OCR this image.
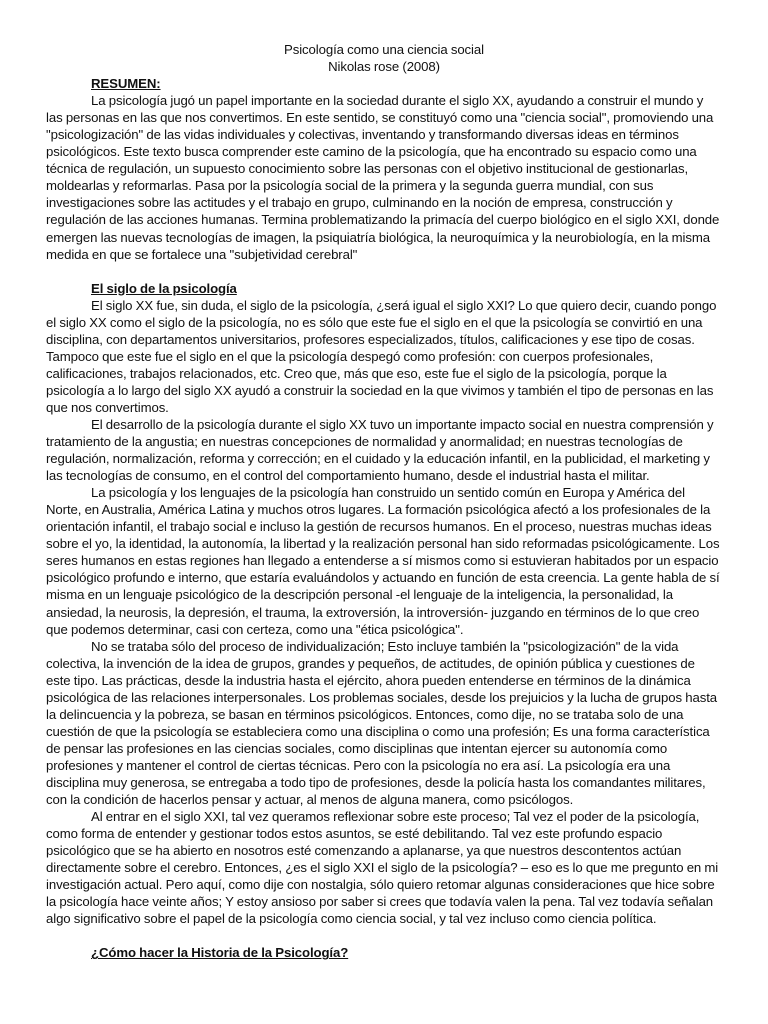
Psicología como una ciencia social
Nikolas rose (2008)
RESUMEN:

La psicología jugó un papel importante en la sociedad durante el siglo XX, ayudando a construir el mundo y las personas en las que nos convertimos. En este sentido, se constituyó como una "ciencia social", promoviendo una "psicologización" de las vidas individuales y colectivas, inventando y transformando diversas ideas en términos psicológicos. Este texto busca comprender este camino de la psicología, que ha encontrado su espacio como una técnica de regulación, un supuesto conocimiento sobre las personas con el objetivo institucional de gestionarlas, moldearlas y reformarlas. Pasa por la psicología social de la primera y la segunda guerra mundial, con sus investigaciones sobre las actitudes y el trabajo en grupo, culminando en la noción de empresa, construcción y regulación de las acciones humanas. Termina problematizando la primacía del cuerpo biológico en el siglo XXI, donde emergen las nuevas tecnologías de imagen, la psiquiatría biológica, la neuroquímica y la neurobiología, en la misma medida en que se fortalece una "subjetividad cerebral"

El siglo de la psicología

El siglo XX fue, sin duda, el siglo de la psicología, ¿será igual el siglo XXI? Lo que quiero decir, cuando pongo el siglo XX como el siglo de la psicología, no es sólo que este fue el siglo en el que la psicología se convirtió en una disciplina, con departamentos universitarios, profesores especializados, títulos, calificaciones y ese tipo de cosas. Tampoco que este fue el siglo en el que la psicología despegó como profesión: con cuerpos profesionales, calificaciones, trabajos relacionados, etc. Creo que, más que eso, este fue el siglo de la psicología, porque la psicología a lo largo del siglo XX ayudó a construir la sociedad en la que vivimos y también el tipo de personas en las que nos convertimos.

El desarrollo de la psicología durante el siglo XX tuvo un importante impacto social en nuestra comprensión y tratamiento de la angustia; en nuestras concepciones de normalidad y anormalidad; en nuestras tecnologías de regulación, normalización, reforma y corrección; en el cuidado y la educación infantil, en la publicidad, el marketing y las tecnologías de consumo, en el control del comportamiento humano, desde el industrial hasta el militar.

La psicología y los lenguajes de la psicología han construido un sentido común en Europa y América del Norte, en Australia, América Latina y muchos otros lugares. La formación psicológica afectó a los profesionales de la orientación infantil, el trabajo social e incluso la gestión de recursos humanos. En el proceso, nuestras muchas ideas sobre el yo, la identidad, la autonomía, la libertad y la realización personal han sido reformadas psicológicamente. Los seres humanos en estas regiones han llegado a entenderse a sí mismos como si estuvieran habitados por un espacio psicológico profundo e interno, que estaría evaluándolos y actuando en función de esta creencia. La gente habla de sí misma en un lenguaje psicológico de la descripción personal -el lenguaje de la inteligencia, la personalidad, la ansiedad, la neurosis, la depresión, el trauma, la extroversión, la introversión- juzgando en términos de lo que creo que podemos determinar, casi con certeza, como una "ética psicológica".

No se trataba sólo del proceso de individualización; Esto incluye también la "psicologización" de la vida colectiva, la invención de la idea de grupos, grandes y pequeños, de actitudes, de opinión pública y cuestiones de este tipo. Las prácticas, desde la industria hasta el ejército, ahora pueden entenderse en términos de la dinámica psicológica de las relaciones interpersonales. Los problemas sociales, desde los prejuicios y la lucha de grupos hasta la delincuencia y la pobreza, se basan en términos psicológicos. Entonces, como dije, no se trataba solo de una cuestión de que la psicología se estableciera como una disciplina o como una profesión; Es una forma característica de pensar las profesiones en las ciencias sociales, como disciplinas que intentan ejercer su autonomía como profesiones y mantener el control de ciertas técnicas. Pero con la psicología no era así. La psicología era una disciplina muy generosa, se entregaba a todo tipo de profesiones, desde la policía hasta los comandantes militares, con la condición de hacerlos pensar y actuar, al menos de alguna manera, como psicólogos.

Al entrar en el siglo XXI, tal vez queramos reflexionar sobre este proceso; Tal vez el poder de la psicología, como forma de entender y gestionar todos estos asuntos, se esté debilitando. Tal vez este profundo espacio psicológico que se ha abierto en nosotros esté comenzando a aplanarse, ya que nuestros descontentos actúan directamente sobre el cerebro. Entonces, ¿es el siglo XXI el siglo de la psicología? – eso es lo que me pregunto en mi investigación actual. Pero aquí, como dije con nostalgia, sólo quiero retomar algunas consideraciones que hice sobre la psicología hace veinte años; Y estoy ansioso por saber si crees que todavía valen la pena. Tal vez todavía señalan algo significativo sobre el papel de la psicología como ciencia social, y tal vez incluso como ciencia política.

¿Cómo hacer la Historia de la Psicología?
